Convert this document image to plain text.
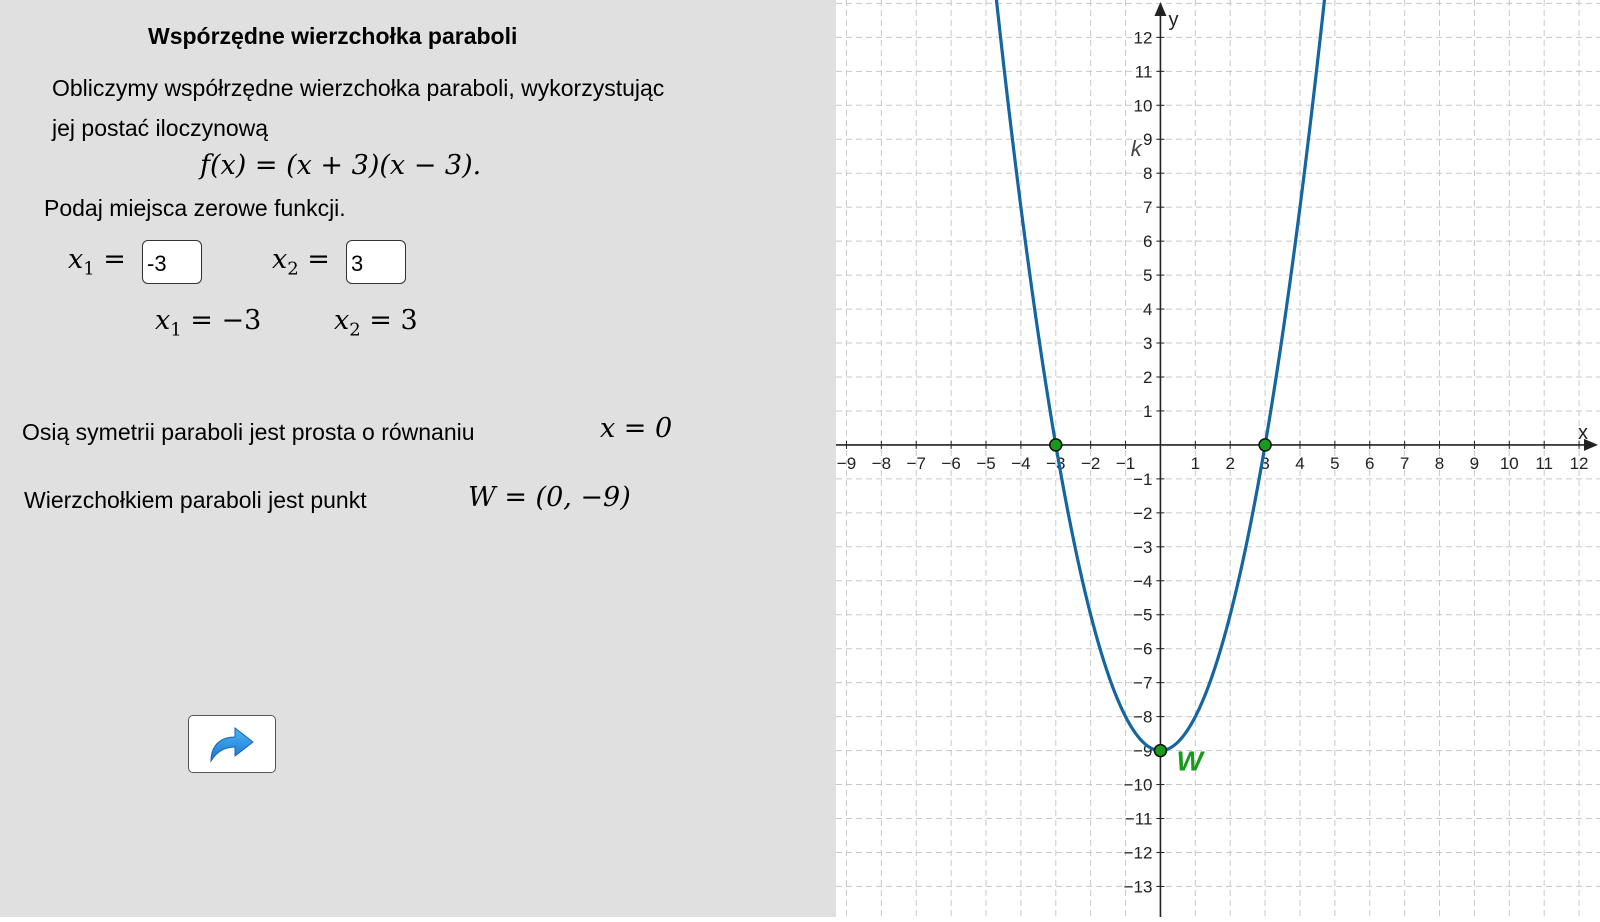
Wspórzędne wierzchołka paraboli
Obliczymy współrzędne wierzchołka paraboli, wykorzystując
jej postać iloczynową
f(x) = (x + 3)(x − 3).
Podaj miejsca zerowe funkcji.
$x_1 = -3$	$x_2 = 3$
$x_1 = -3$	$x_2 = 3$
Osią symetrii paraboli jest prosta o równaniu	x = 0
Wierzchołkiem paraboli jest punkt	W = (0, −9)
x
y
−9 −8 −7 −6 −5 −4 −3 −2 −1	1 2 3 4 5 6 7 8 9 10 11 12
−13
−12
−11
−10
−9
−8
−7
−6
−5
−4
−3
−2
−1
1
2
3
4
5
6
7
8
9
10
11
12
k
W
